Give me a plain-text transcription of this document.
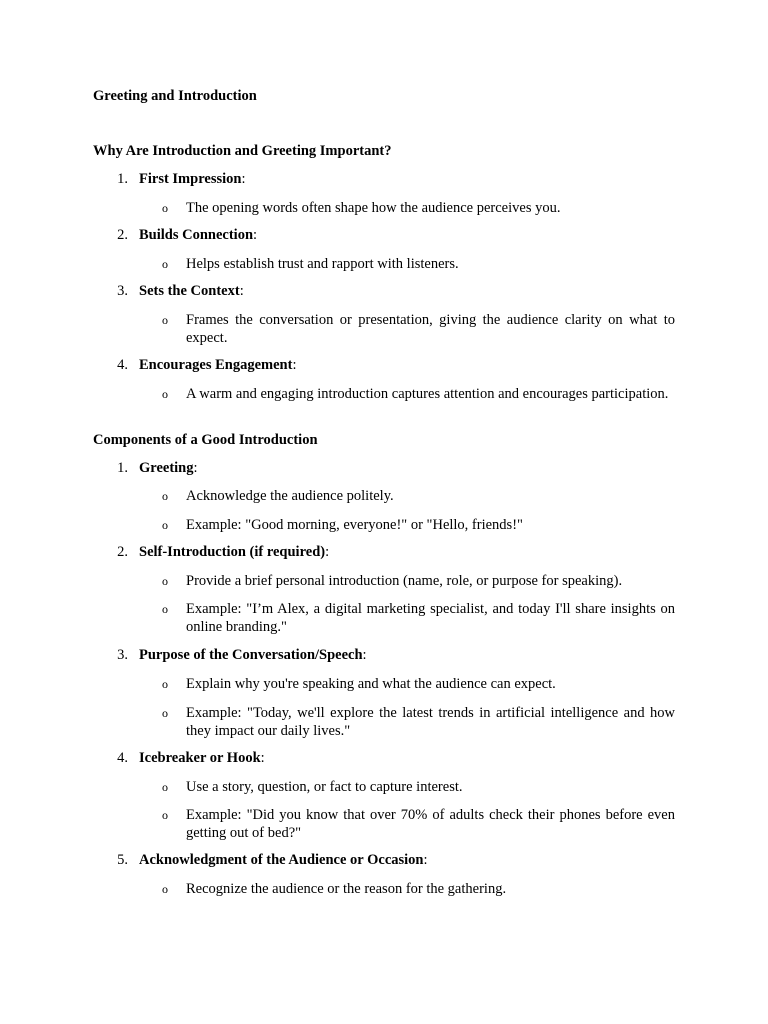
Greeting and Introduction
Why Are Introduction and Greeting Important?
1. First Impression:
o The opening words often shape how the audience perceives you.
2. Builds Connection:
o Helps establish trust and rapport with listeners.
3. Sets the Context:
o Frames the conversation or presentation, giving the audience clarity on what to expect.
4. Encourages Engagement:
o A warm and engaging introduction captures attention and encourages participation.
Components of a Good Introduction
1. Greeting:
o Acknowledge the audience politely.
o Example: "Good morning, everyone!" or "Hello, friends!"
2. Self-Introduction (if required):
o Provide a brief personal introduction (name, role, or purpose for speaking).
o Example: "I’m Alex, a digital marketing specialist, and today I'll share insights on online branding."
3. Purpose of the Conversation/Speech:
o Explain why you're speaking and what the audience can expect.
o Example: "Today, we'll explore the latest trends in artificial intelligence and how they impact our daily lives."
4. Icebreaker or Hook:
o Use a story, question, or fact to capture interest.
o Example: "Did you know that over 70% of adults check their phones before even getting out of bed?"
5. Acknowledgment of the Audience or Occasion:
o Recognize the audience or the reason for the gathering.
